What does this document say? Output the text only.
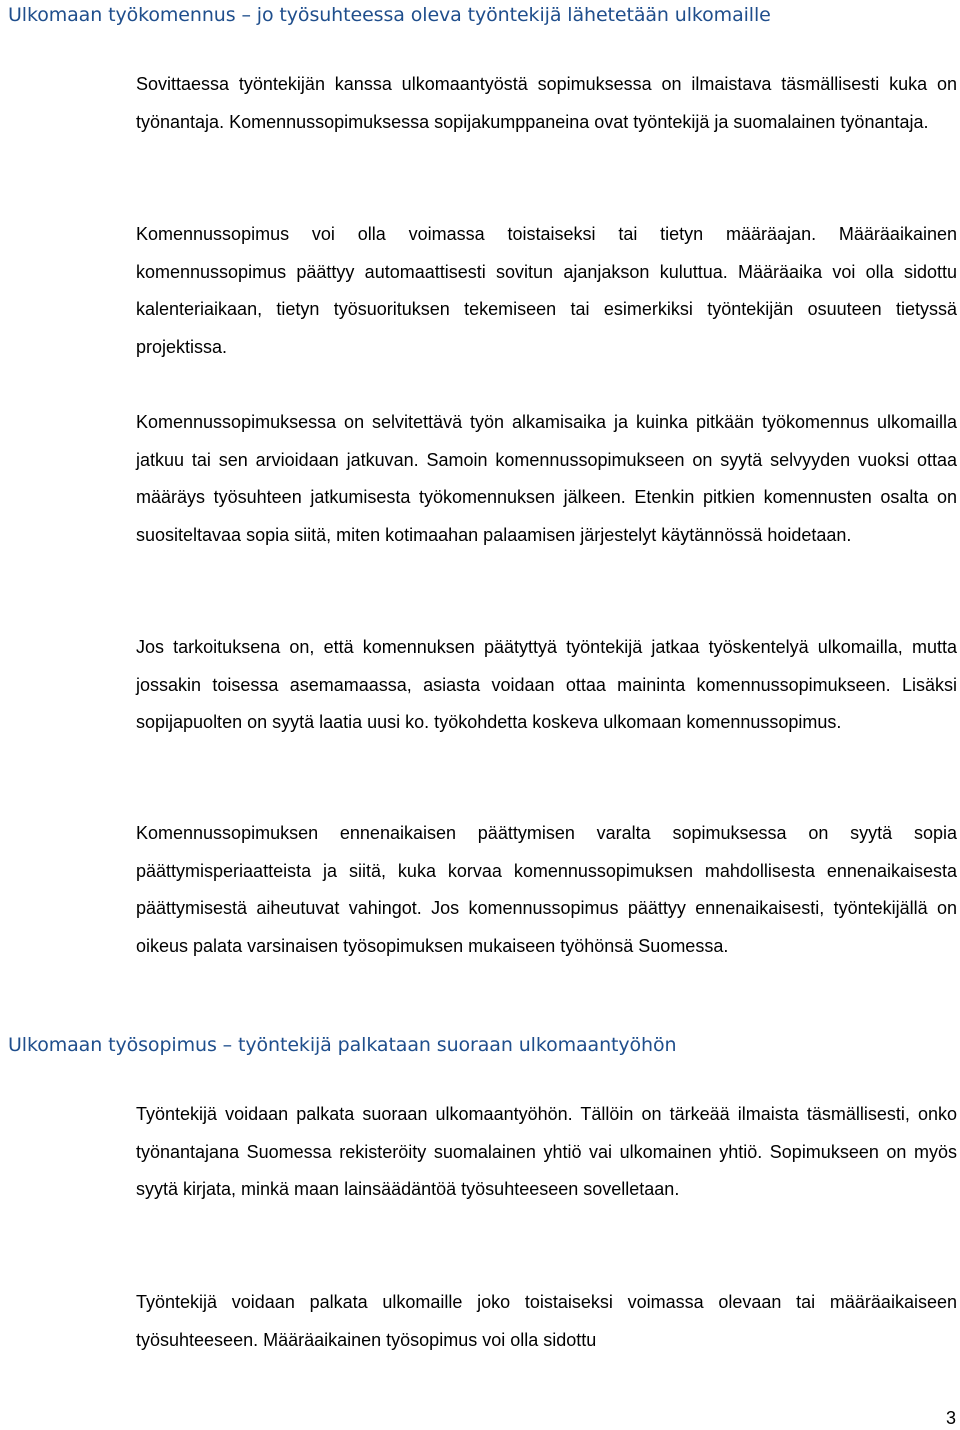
Ulkomaan työkomennus – jo työsuhteessa oleva työntekijä lähetetään ulkomaille

Sovittaessa työntekijän kanssa ulkomaantyöstä sopimuksessa on ilmaistava täsmällisesti kuka on työnantaja. Komennussopimuksessa sopijakumppaneina ovat työntekijä ja suomalainen työnantaja.

Komennussopimus voi olla voimassa toistaiseksi tai tietyn määräajan. Määräaikainen komennussopimus päättyy automaattisesti sovitun ajanjakson kuluttua. Määräaika voi olla sidottu kalenteriaikaan, tietyn työsuorituksen tekemiseen tai esimerkiksi työntekijän osuuteen tietyssä projektissa.

Komennussopimuksessa on selvitettävä työn alkamisaika ja kuinka pitkään työkomennus ulkomailla jatkuu tai sen arvioidaan jatkuvan. Samoin komennussopimukseen on syytä selvyyden vuoksi ottaa määräys työsuhteen jatkumisesta työkomennuksen jälkeen. Etenkin pitkien komennusten osalta on suositeltavaa sopia siitä, miten kotimaahan palaamisen järjestelyt käytännössä hoidetaan.

Jos tarkoituksena on, että komennuksen päätyttyä työntekijä jatkaa työskentelyä ulkomailla, mutta jossakin toisessa asemamaassa, asiasta voidaan ottaa maininta komennussopimukseen. Lisäksi sopijapuolten on syytä laatia uusi ko. työkohdetta koskeva ulkomaan komennussopimus.

Komennussopimuksen ennenaikaisen päättymisen varalta sopimuksessa on syytä sopia päättymisperiaatteista ja siitä, kuka korvaa komennussopimuksen mahdollisesta ennenaikaisesta päättymisestä aiheutuvat vahingot. Jos komennussopimus päättyy ennenaikaisesti, työntekijällä on oikeus palata varsinaisen työsopimuksen mukaiseen työhönsä Suomessa.

Ulkomaan työsopimus – työntekijä palkataan suoraan ulkomaantyöhön

Työntekijä voidaan palkata suoraan ulkomaantyöhön. Tällöin on tärkeää ilmaista täsmällisesti, onko työnantajana Suomessa rekisteröity suomalainen yhtiö vai ulkomainen yhtiö. Sopimukseen on myös syytä kirjata, minkä maan lainsäädäntöä työsuhteeseen sovelletaan.

Työntekijä voidaan palkata ulkomaille joko toistaiseksi voimassa olevaan tai määräaikaiseen työsuhteeseen. Määräaikainen työsopimus voi olla sidottu

3
